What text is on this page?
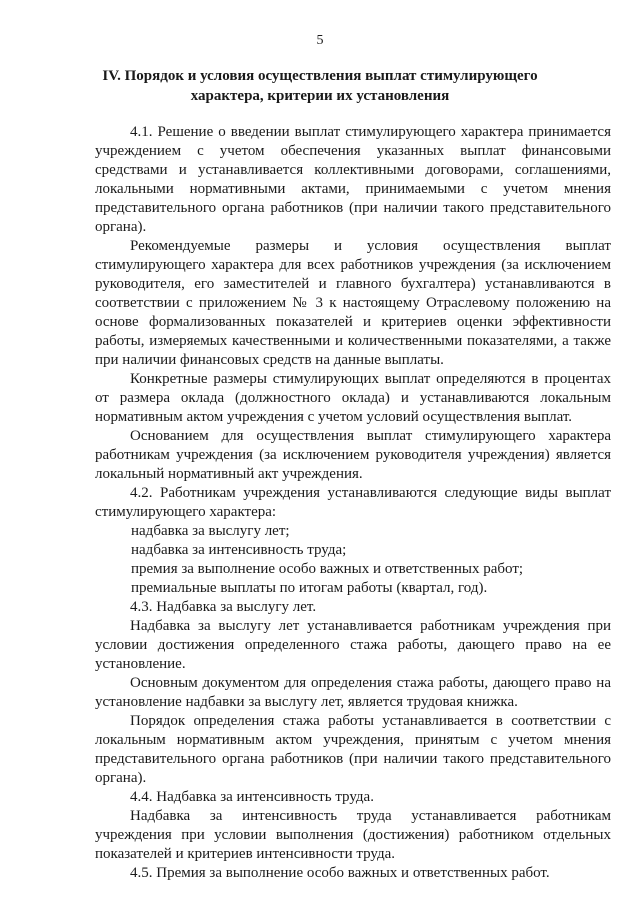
5
IV. Порядок и условия осуществления выплат стимулирующего
характера, критерии их установления

4.1. Решение о введении выплат стимулирующего характера принимается учреждением с учетом обеспечения указанных выплат финансовыми средствами и устанавливается коллективными договорами, соглашениями, локальными нормативными актами, принимаемыми с учетом мнения представительного органа работников (при наличии такого представительного органа).

Рекомендуемые размеры и условия осуществления выплат стимулирующего характера для всех работников учреждения (за исключением руководителя, его заместителей и главного бухгалтера) устанавливаются в соответствии с приложением № 3 к настоящему Отраслевому положению на основе формализованных показателей и критериев оценки эффективности работы, измеряемых качественными и количественными показателями, а также при наличии финансовых средств на данные выплаты.

Конкретные размеры стимулирующих выплат определяются в процентах от размера оклада (должностного оклада) и устанавливаются локальным нормативным актом учреждения с учетом условий осуществления выплат.

Основанием для осуществления выплат стимулирующего характера работникам учреждения (за исключением руководителя учреждения) является локальный нормативный акт учреждения.

4.2. Работникам учреждения устанавливаются следующие виды выплат стимулирующего характера:

надбавка за выслугу лет;

надбавка за интенсивность труда;

премия за выполнение особо важных и ответственных работ;

премиальные выплаты по итогам работы (квартал, год).

4.3. Надбавка за выслугу лет.

Надбавка за выслугу лет устанавливается работникам учреждения при условии достижения определенного стажа работы, дающего право на ее установление.

Основным документом для определения стажа работы, дающего право на установление надбавки за выслугу лет, является трудовая книжка.

Порядок определения стажа работы устанавливается в соответствии с локальным нормативным актом учреждения, принятым с учетом мнения представительного органа работников (при наличии такого представительного органа).

4.4. Надбавка за интенсивность труда.

Надбавка за интенсивность труда устанавливается работникам учреждения при условии выполнения (достижения) работником отдельных показателей и критериев интенсивности труда.

4.5. Премия за выполнение особо важных и ответственных работ.
